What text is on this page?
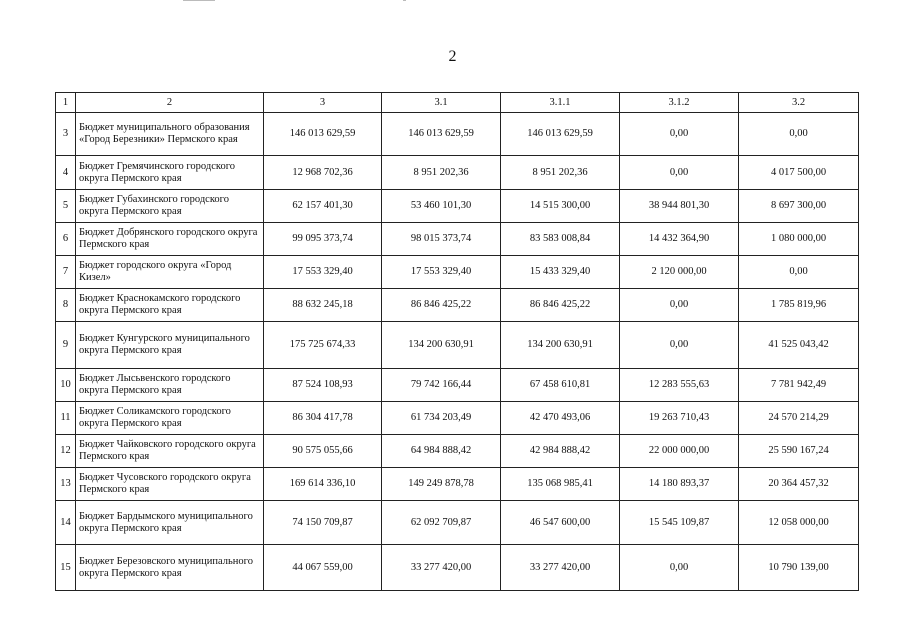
2
1	2	3	3.1	3.1.1	3.1.2	3.2
3	Бюджет муниципального образования «Город Березники» Пермского края	146 013 629,59	146 013 629,59	146 013 629,59	0,00	0,00
4	Бюджет Гремячинского городского округа Пермского края	12 968 702,36	8 951 202,36	8 951 202,36	0,00	4 017 500,00
5	Бюджет Губахинского городского округа Пермского края	62 157 401,30	53 460 101,30	14 515 300,00	38 944 801,30	8 697 300,00
6	Бюджет Добрянского городского округа Пермского края	99 095 373,74	98 015 373,74	83 583 008,84	14 432 364,90	1 080 000,00
7	Бюджет городского округа «Город Кизел»	17 553 329,40	17 553 329,40	15 433 329,40	2 120 000,00	0,00
8	Бюджет Краснокамского городского округа Пермского края	88 632 245,18	86 846 425,22	86 846 425,22	0,00	1 785 819,96
9	Бюджет Кунгурского муниципального округа Пермского края	175 725 674,33	134 200 630,91	134 200 630,91	0,00	41 525 043,42
10	Бюджет Лысьвенского городского округа Пермского края	87 524 108,93	79 742 166,44	67 458 610,81	12 283 555,63	7 781 942,49
11	Бюджет Соликамского городского округа Пермского края	86 304 417,78	61 734 203,49	42 470 493,06	19 263 710,43	24 570 214,29
12	Бюджет Чайковского городского округа Пермского края	90 575 055,66	64 984 888,42	42 984 888,42	22 000 000,00	25 590 167,24
13	Бюджет Чусовского городского округа Пермского края	169 614 336,10	149 249 878,78	135 068 985,41	14 180 893,37	20 364 457,32
14	Бюджет Бардымского муниципального округа Пермского края	74 150 709,87	62 092 709,87	46 547 600,00	15 545 109,87	12 058 000,00
15	Бюджет Березовского муниципального округа Пермского края	44 067 559,00	33 277 420,00	33 277 420,00	0,00	10 790 139,00
